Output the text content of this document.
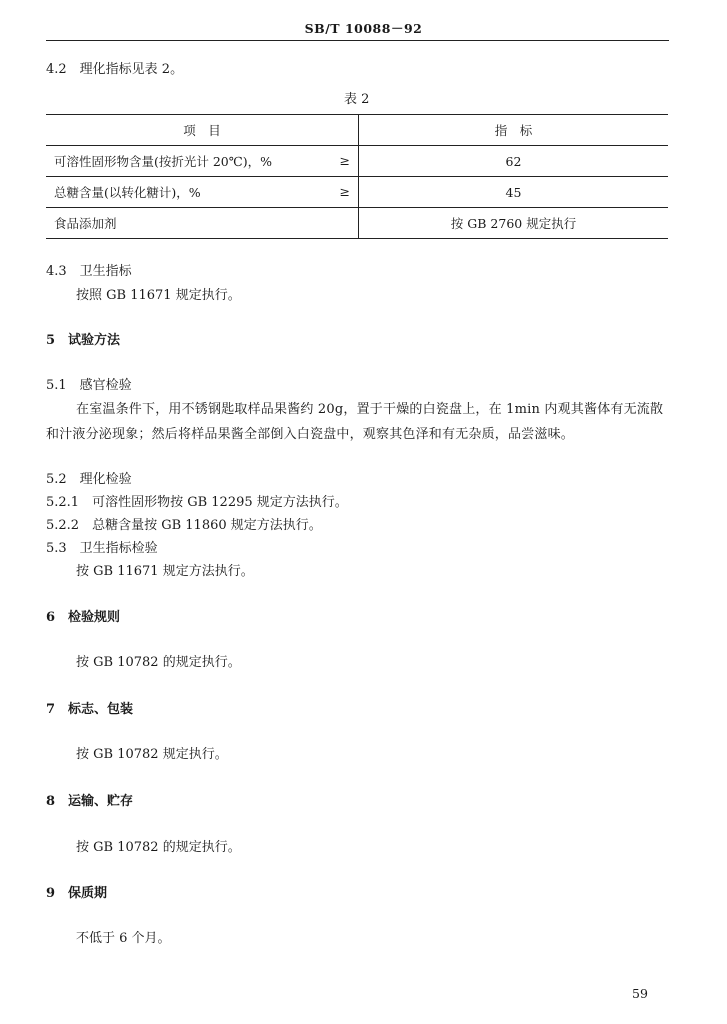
SB/T 10088－92
4.2　理化指标见表 2。
表 2
项　目	指　标
可溶性固形物含量(按折光计 20℃)，% ≥	62
总糖含量(以转化糖计)，% ≥	45
食品添加剂	按 GB 2760 规定执行
4.3　卫生指标
按照 GB 11671 规定执行。
5　试验方法
5.1　感官检验
在室温条件下，用不锈钢匙取样品果酱约 20g，置于干燥的白瓷盘上，在 1min 内观其酱体有无流散和汁液分泌现象；然后将样品果酱全部倒入白瓷盘中，观察其色泽和有无杂质，品尝滋味。
5.2　理化检验
5.2.1　可溶性固形物按 GB 12295 规定方法执行。
5.2.2　总糖含量按 GB 11860 规定方法执行。
5.3　卫生指标检验
按 GB 11671 规定方法执行。
6　检验规则
按 GB 10782 的规定执行。
7　标志、包装
按 GB 10782 规定执行。
8　运输、贮存
按 GB 10782 的规定执行。
9　保质期
不低于 6 个月。
59
